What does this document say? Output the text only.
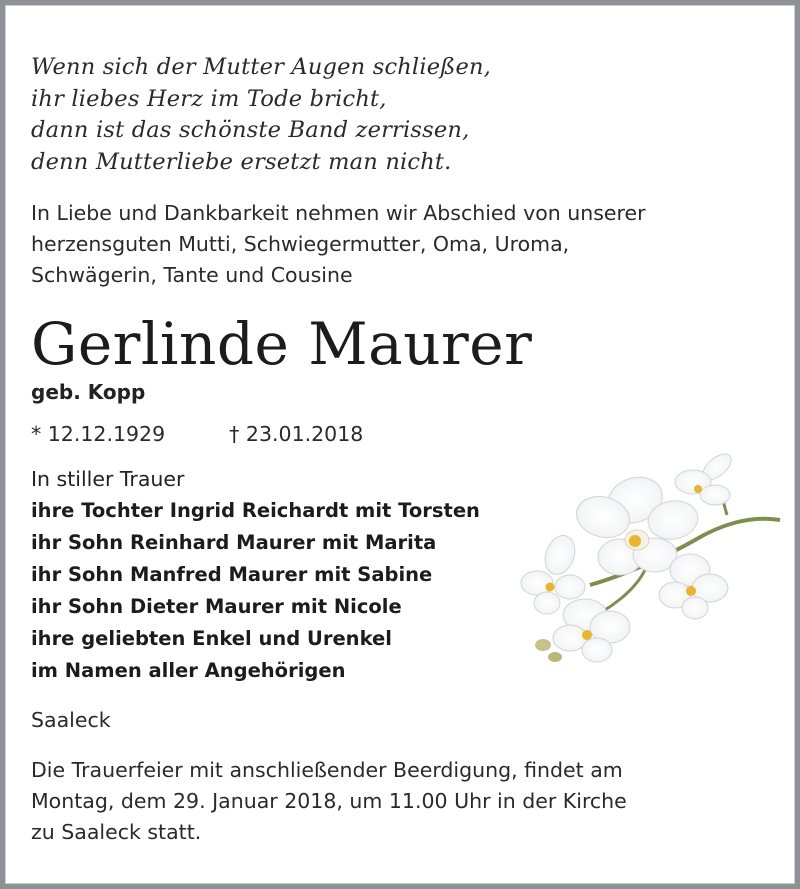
Wenn sich der Mutter Augen schließen,
ihr liebes Herz im Tode bricht,
dann ist das schönste Band zerrissen,
denn Mutterliebe ersetzt man nicht.
In Liebe und Dankbarkeit nehmen wir Abschied von unserer
herzensguten Mutti, Schwiegermutter, Oma, Uroma,
Schwägerin, Tante und Cousine
Gerlinde Maurer
geb. Kopp
* 12.12.1929	† 23.01.2018
In stiller Trauer
ihre Tochter Ingrid Reichardt mit Torsten
ihr Sohn Reinhard Maurer mit Marita
ihr Sohn Manfred Maurer mit Sabine
ihr Sohn Dieter Maurer mit Nicole
ihre geliebten Enkel und Urenkel
im Namen aller Angehörigen
Saaleck
Die Trauerfeier mit anschließender Beerdigung, findet am
Montag, dem 29. Januar 2018, um 11.00 Uhr in der Kirche
zu Saaleck statt.
